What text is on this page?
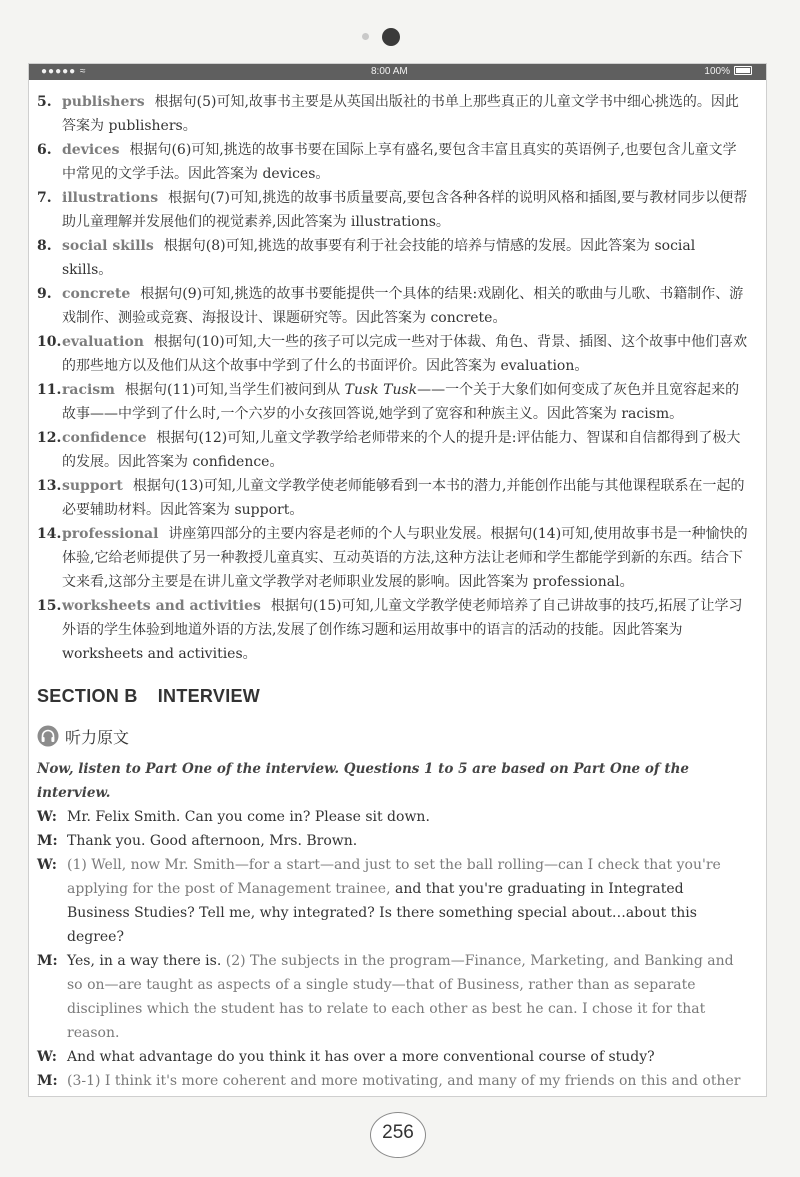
●●●●● ≈	8:00 AM	100%
5. publishers 根据句(5)可知,故事书主要是从英国出版社的书单上那些真正的儿童文学书中细心挑选的。因此答案为 publishers。
6. devices 根据句(6)可知,挑选的故事书要在国际上享有盛名,要包含丰富且真实的英语例子,也要包含儿童文学中常见的文学手法。因此答案为 devices。
7. illustrations 根据句(7)可知,挑选的故事书质量要高,要包含各种各样的说明风格和插图,要与教材同步以便帮助儿童理解并发展他们的视觉素养,因此答案为 illustrations。
8. social skills 根据句(8)可知,挑选的故事要有利于社会技能的培养与情感的发展。因此答案为 social skills。
9. concrete 根据句(9)可知,挑选的故事书要能提供一个具体的结果:戏剧化、相关的歌曲与儿歌、书籍制作、游戏制作、测验或竞赛、海报设计、课题研究等。因此答案为 concrete。
10. evaluation 根据句(10)可知,大一些的孩子可以完成一些对于体裁、角色、背景、插图、这个故事中他们喜欢的那些地方以及他们从这个故事中学到了什么的书面评价。因此答案为 evaluation。
11. racism 根据句(11)可知,当学生们被问到从 Tusk Tusk——一个关于大象们如何变成了灰色并且宽容起来的故事——中学到了什么时,一个六岁的小女孩回答说,她学到了宽容和种族主义。因此答案为 racism。
12. confidence 根据句(12)可知,儿童文学教学给老师带来的个人的提升是:评估能力、智谋和自信都得到了极大的发展。因此答案为 confidence。
13. support 根据句(13)可知,儿童文学教学使老师能够看到一本书的潜力,并能创作出能与其他课程联系在一起的必要辅助材料。因此答案为 support。
14. professional 讲座第四部分的主要内容是老师的个人与职业发展。根据句(14)可知,使用故事书是一种愉快的体验,它给老师提供了另一种教授儿童真实、互动英语的方法,这种方法让老师和学生都能学到新的东西。结合下文来看,这部分主要是在讲儿童文学教学对老师职业发展的影响。因此答案为 professional。
15. worksheets and activities 根据句(15)可知,儿童文学教学使老师培养了自己讲故事的技巧,拓展了让学习外语的学生体验到地道外语的方法,发展了创作练习题和运用故事中的语言的活动的技能。因此答案为 worksheets and activities。
SECTION B INTERVIEW
听力原文
Now, listen to Part One of the interview. Questions 1 to 5 are based on Part One of the interview.
W: Mr. Felix Smith. Can you come in? Please sit down.
M: Thank you. Good afternoon, Mrs. Brown.
W: (1) Well, now Mr. Smith—for a start—and just to set the ball rolling—can I check that you're applying for the post of Management trainee, and that you're graduating in Integrated Business Studies? Tell me, why integrated? Is there something special about…about this degree?
M: Yes, in a way there is. (2) The subjects in the program—Finance, Marketing, and Banking and so on—are taught as aspects of a single study—that of Business, rather than as separate disciplines which the student has to relate to each other as best he can. I chose it for that reason.
W: And what advantage do you think it has over a more conventional course of study?
M: (3-1) I think it's more coherent and more motivating, and many of my friends on this and other
256
